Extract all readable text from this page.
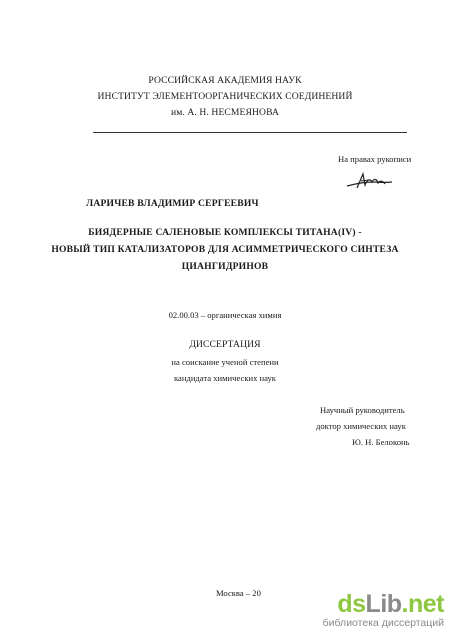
РОССИЙСКАЯ АКАДЕМИЯ НАУК
ИНСТИТУТ ЭЛЕМЕНТООРГАНИЧЕСКИХ СОЕДИНЕНИЙ
им. А. Н. НЕСМЕЯНОВА
На правах рукописи
ЛАРИЧЕВ ВЛАДИМИР СЕРГЕЕВИЧ
БИЯДЕРНЫЕ САЛЕНОВЫЕ КОМПЛЕКСЫ ТИТАНА(IV) -
НОВЫЙ ТИП КАТАЛИЗАТОРОВ ДЛЯ АСИММЕТРИЧЕСКОГО СИНТЕЗА
ЦИАНГИДРИНОВ
02.00.03 – органическая химия
ДИССЕРТАЦИЯ
на соискание ученой степени
кандидата химических наук
Научный руководитель
доктор химических наук
Ю. Н. Белоконь
Москва – 20	dsLib.net
библиотека диссертаций
